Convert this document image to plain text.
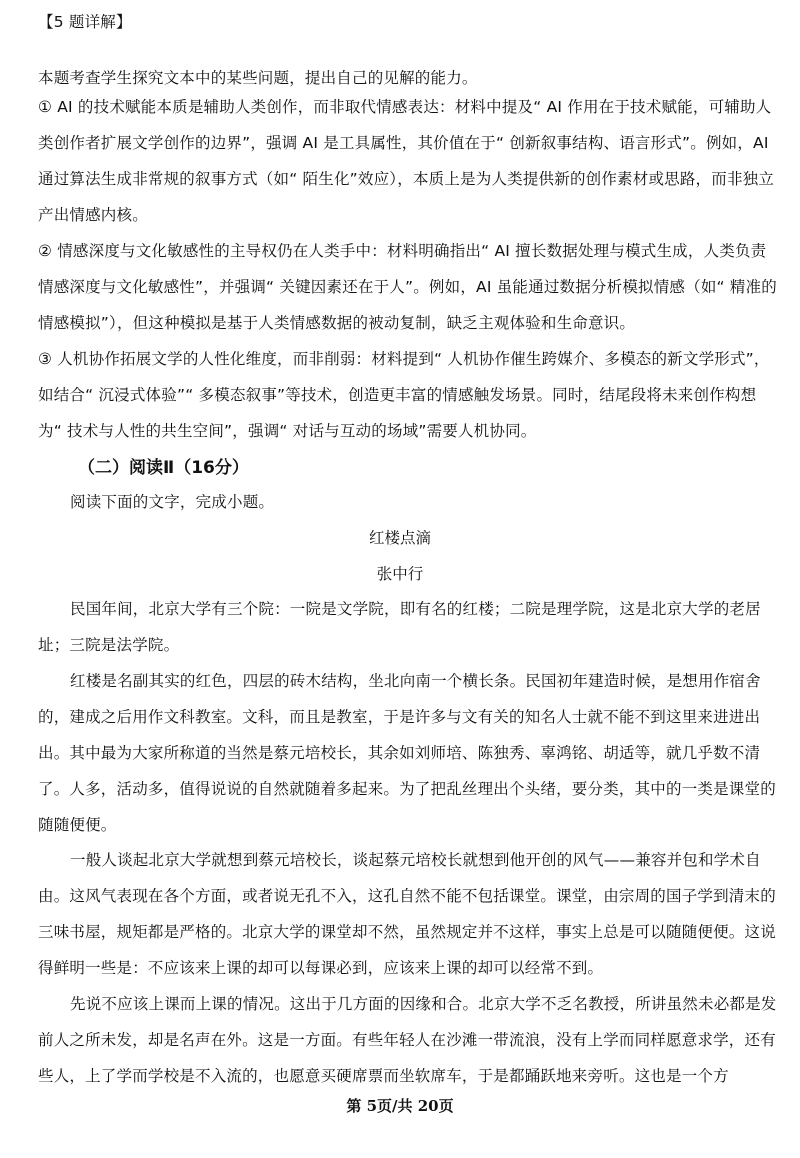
【5 题详解】
本题考查学生探究文本中的某些问题，提出自己的见解的能力。
① AI 的技术赋能本质是辅助人类创作，而非取代情感表达：材料中提及“ AI 作用在于技术赋能，可辅助人类创作者扩展文学创作的边界”，强调 AI 是工具属性，其价值在于“ 创新叙事结构、语言形式”。例如，AI 通过算法生成非常规的叙事方式（如“ 陌生化”效应），本质上是为人类提供新的创作素材或思路，而非独立产出情感内核。
② 情感深度与文化敏感性的主导权仍在人类手中：材料明确指出“ AI 擅长数据处理与模式生成，人类负责情感深度与文化敏感性”，并强调“ 关键因素还在于人”。例如，AI 虽能通过数据分析模拟情感（如“ 精准的情感模拟”），但这种模拟是基于人类情感数据的被动复制，缺乏主观体验和生命意识。
③ 人机协作拓展文学的人性化维度，而非削弱：材料提到“ 人机协作催生跨媒介、多模态的新文学形式”，如结合“ 沉浸式体验”“ 多模态叙事”等技术，创造更丰富的情感触发场景。同时，结尾段将未来创作构想为“ 技术与人性的共生空间”，强调“ 对话与互动的场域”需要人机协同。
（二）阅读Ⅱ（16分）
阅读下面的文字，完成小题。
红楼点滴
张中行
民国年间，北京大学有三个院：一院是文学院，即有名的红楼；二院是理学院，这是北京大学的老居址；三院是法学院。
红楼是名副其实的红色，四层的砖木结构，坐北向南一个横长条。民国初年建造时候，是想用作宿舍的，建成之后用作文科教室。文科，而且是教室，于是许多与文有关的知名人士就不能不到这里来进进出出。其中最为大家所称道的当然是蔡元培校长，其余如刘师培、陈独秀、辜鸿铭、胡适等，就几乎数不清了。人多，活动多，值得说说的自然就随着多起来。为了把乱丝理出个头绪，要分类，其中的一类是课堂的随随便便。
一般人谈起北京大学就想到蔡元培校长，谈起蔡元培校长就想到他开创的风气——兼容并包和学术自由。这风气表现在各个方面，或者说无孔不入，这孔自然不能不包括课堂。课堂，由宗周的国子学到清末的三味书屋，规矩都是严格的。北京大学的课堂却不然，虽然规定并不这样，事实上总是可以随随便便。这说得鲜明一些是：不应该来上课的却可以每课必到，应该来上课的却可以经常不到。
先说不应该上课而上课的情况。这出于几方面的因缘和合。北京大学不乏名教授，所讲虽然未必都是发前人之所未发，却是名声在外。这是一方面。有些年轻人在沙滩一带流浪，没有上学而同样愿意求学，还有些人，上了学而学校是不入流的，也愿意买硬席票而坐软席车，于是都踊跃地来旁听。这也是一个方
第 5页/共 20页
